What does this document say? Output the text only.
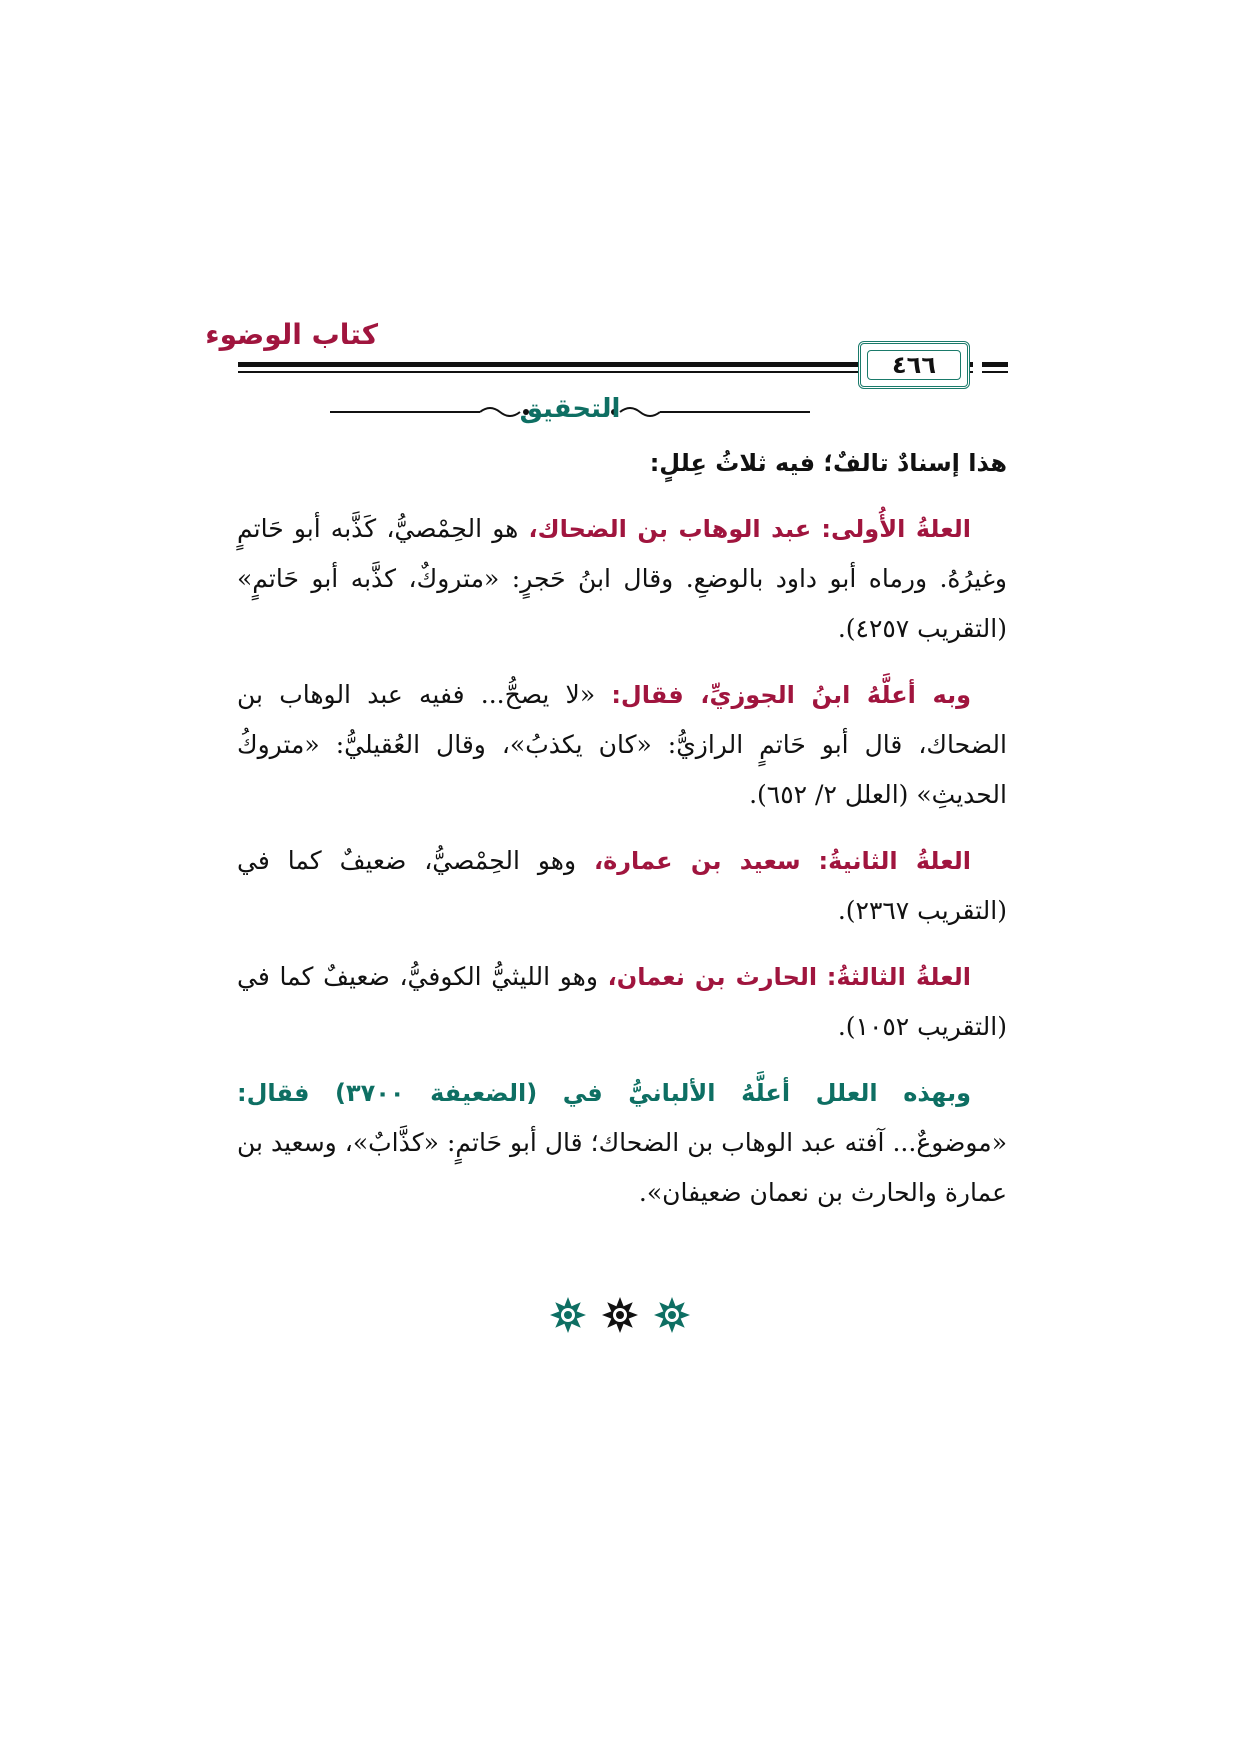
كتاب الوضوء
٤٦٦
التحقيق

هذا إسنادٌ تالفٌ؛ فيه ثلاثُ عِللٍ:

العلةُ الأُولى: عبد الوهاب بن الضحاك، هو الحِمْصيُّ، كَذَّبه أبو حَاتمٍ وغيرُهُ. ورماه أبو داود بالوضعِ. وقال ابنُ حَجرٍ: «متروكٌ، كذَّبه أبو حَاتمٍ» (التقريب ٤٢٥٧).

وبه أعلَّهُ ابنُ الجوزيِّ، فقال: «لا يصحُّ... ففيه عبد الوهاب بن الضحاك، قال أبو حَاتمٍ الرازيُّ: «كان يكذبُ»، وقال العُقيليُّ: «متروكُ الحديثِ» (العلل ٢/ ٦٥٢).

العلةُ الثانيةُ: سعيد بن عمارة، وهو الحِمْصيُّ، ضعيفٌ كما في (التقريب ٢٣٦٧).

العلةُ الثالثةُ: الحارث بن نعمان، وهو الليثيُّ الكوفيُّ، ضعيفٌ كما في (التقريب ١٠٥٢).

وبهذه العلل أعلَّهُ الألبانيُّ في (الضعيفة ٣٧٠٠) فقال: «موضوعٌ... آفته عبد الوهاب بن الضحاك؛ قال أبو حَاتمٍ: «كذَّابٌ»، وسعيد بن عمارة والحارث بن نعمان ضعيفان».
